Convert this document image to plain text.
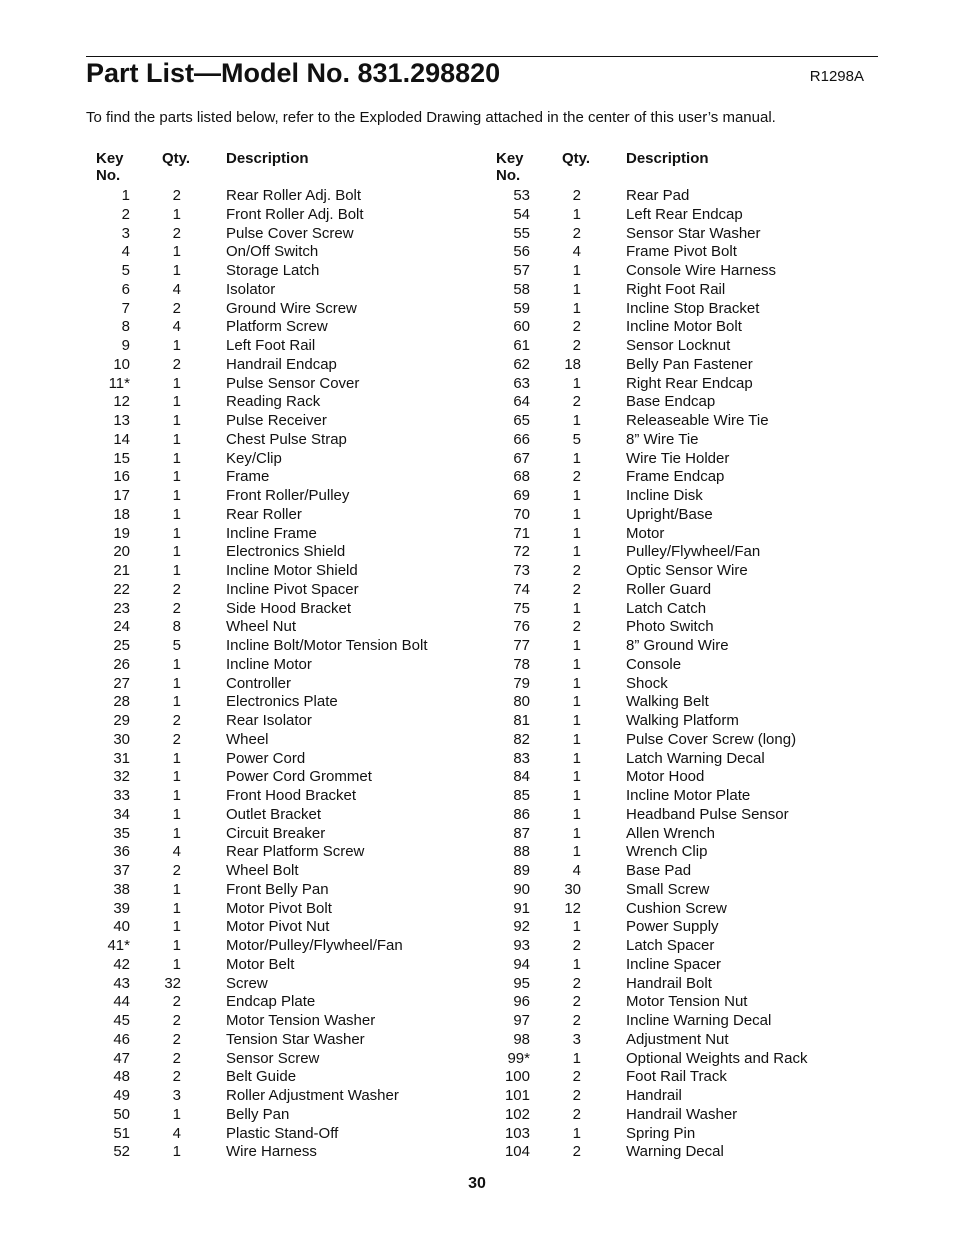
Part List—Model No. 831.298820	R1298A
To find the parts listed below, refer to the Exploded Drawing attached in the center of this user’s manual.
Key No.
Qty. Description
1	2	Rear Roller Adj. Bolt
2	1	Front Roller Adj. Bolt
3	2	Pulse Cover Screw
4	1	On/Off Switch
5	1	Storage Latch
6	4	Isolator
7	2	Ground Wire Screw
8	4	Platform Screw
9	1	Left Foot Rail
10	2	Handrail Endcap
11*	1	Pulse Sensor Cover
12	1	Reading Rack
13	1	Pulse Receiver
14	1	Chest Pulse Strap
15	1	Key/Clip
16	1	Frame
17	1	Front Roller/Pulley
18	1	Rear Roller
19	1	Incline Frame
20	1	Electronics Shield
21	1	Incline Motor Shield
22	2	Incline Pivot Spacer
23	2	Side Hood Bracket
24	8	Wheel Nut
25	5	Incline Bolt/Motor Tension Bolt
26	1	Incline Motor
27	1	Controller
28	1	Electronics Plate
29	2	Rear Isolator
30	2	Wheel
31	1	Power Cord
32	1	Power Cord Grommet
33	1	Front Hood Bracket
34	1	Outlet Bracket
35	1	Circuit Breaker
36	4	Rear Platform Screw
37	2	Wheel Bolt
38	1	Front Belly Pan
39	1	Motor Pivot Bolt
40	1	Motor Pivot Nut
41*	1	Motor/Pulley/Flywheel/Fan
42	1	Motor Belt
43	32	Screw
44	2	Endcap Plate
45	2	Motor Tension Washer
46	2	Tension Star Washer
47	2	Sensor Screw
48	2	Belt Guide
49	3	Roller Adjustment Washer
50	1	Belly Pan
51	4	Plastic Stand-Off
52	1	Wire Harness
Key No.
Qty. Description
53	2	Rear Pad
54	1	Left Rear Endcap
55	2	Sensor Star Washer
56	4	Frame Pivot Bolt
57	1	Console Wire Harness
58	1	Right Foot Rail
59	1	Incline Stop Bracket
60	2	Incline Motor Bolt
61	2	Sensor Locknut
62	18	Belly Pan Fastener
63	1	Right Rear Endcap
64	2	Base Endcap
65	1	Releaseable Wire Tie
66	5	8” Wire Tie
67	1	Wire Tie Holder
68	2	Frame Endcap
69	1	Incline Disk
70	1	Upright/Base
71	1	Motor
72	1	Pulley/Flywheel/Fan
73	2	Optic Sensor Wire
74	2	Roller Guard
75	1	Latch Catch
76	2	Photo Switch
77	1	8” Ground Wire
78	1	Console
79	1	Shock
80	1	Walking Belt
81	1	Walking Platform
82	1	Pulse Cover Screw (long)
83	1	Latch Warning Decal
84	1	Motor Hood
85	1	Incline Motor Plate
86	1	Headband Pulse Sensor
87	1	Allen Wrench
88	1	Wrench Clip
89	4	Base Pad
90	30	Small Screw
91	12	Cushion Screw
92	1	Power Supply
93	2	Latch Spacer
94	1	Incline Spacer
95	2	Handrail Bolt
96	2	Motor Tension Nut
97	2	Incline Warning Decal
98	3	Adjustment Nut
99*	1	Optional Weights and Rack
100	2	Foot Rail Track
101	2	Handrail
102	2	Handrail Washer
103	1	Spring Pin
104	2	Warning Decal
30
